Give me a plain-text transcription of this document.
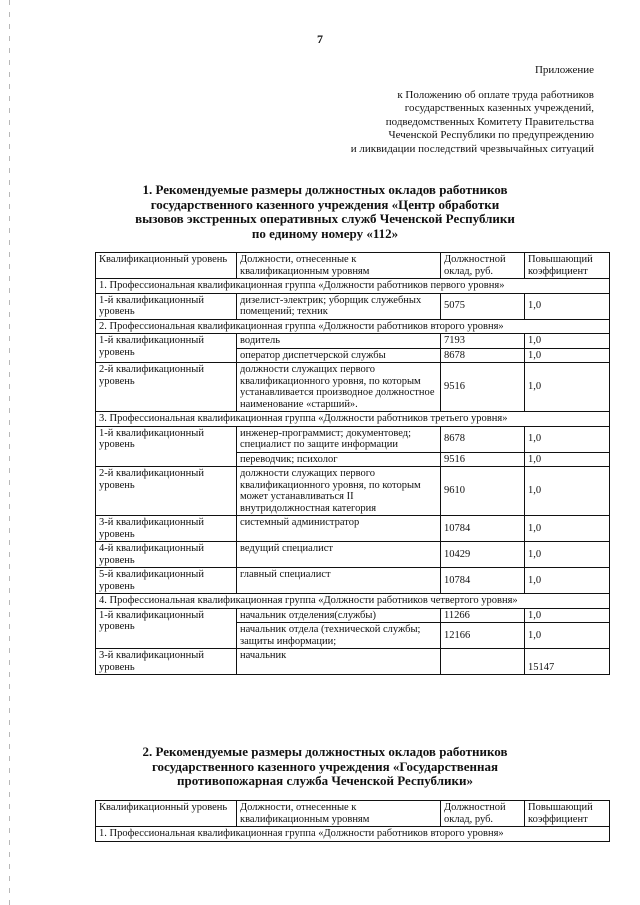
7
Приложение
к Положению об оплате труда работников
государственных казенных учреждений,
подведомственных Комитету Правительства
Чеченской Республики по предупреждению
и ликвидации последствий чрезвычайных ситуаций
1. Рекомендуемые размеры должностных окладов работников
государственного казенного учреждения «Центр обработки
вызовов экстренных оперативных служб Чеченской Республики
по единому номеру «112»
Квалификационный уровень	Должности, отнесенные к квалификационным уровням	Должностной оклад, руб.	Повышающий коэффициент
1. Профессиональная квалификационная группа «Должности работников первого уровня»			
1-й квалификационный уровень	дизелист-электрик; уборщик служебных помещений; техник	5075	1,0
2. Профессиональная квалификационная группа «Должности работников второго уровня»			
1-й квалификационный уровень	водитель	7193	1,0
	оператор диспетчерской службы	8678	1,0
2-й квалификационный уровень	должности служащих первого квалификационного уровня, по которым устанавливается производное должностное наименование «старший».	9516	1,0
3. Профессиональная квалификационная группа «Должности работников третьего уровня»			
1-й квалификационный уровень	инженер-программист; документовед; специалист по защите информации	8678	1,0
	переводчик; психолог	9516	1,0
2-й квалификационный уровень	должности служащих первого квалификационного уровня, по которым может устанавливаться II внутридолжностная категория	9610	1,0
3-й квалификационный уровень	системный администратор	10784	1,0
4-й квалификационный уровень	ведущий специалист	10429	1,0
5-й квалификационный уровень	главный специалист	10784	1,0
4. Профессиональная квалификационная группа «Должности работников четвертого уровня»			
1-й квалификационный уровень	начальник отделения(службы)	11266	1,0
	начальник отдела (технической службы; защиты информации;	12166	1,0
3-й квалификационный уровень	начальник		15147
2. Рекомендуемые размеры должностных окладов работников
государственного казенного учреждения «Государственная
противопожарная служба Чеченской Республики»
Квалификационный уровень	Должности, отнесенные к квалификационным уровням	Должностной оклад, руб.	Повышающий коэффициент
1. Профессиональная квалификационная группа «Должности работников второго уровня»
